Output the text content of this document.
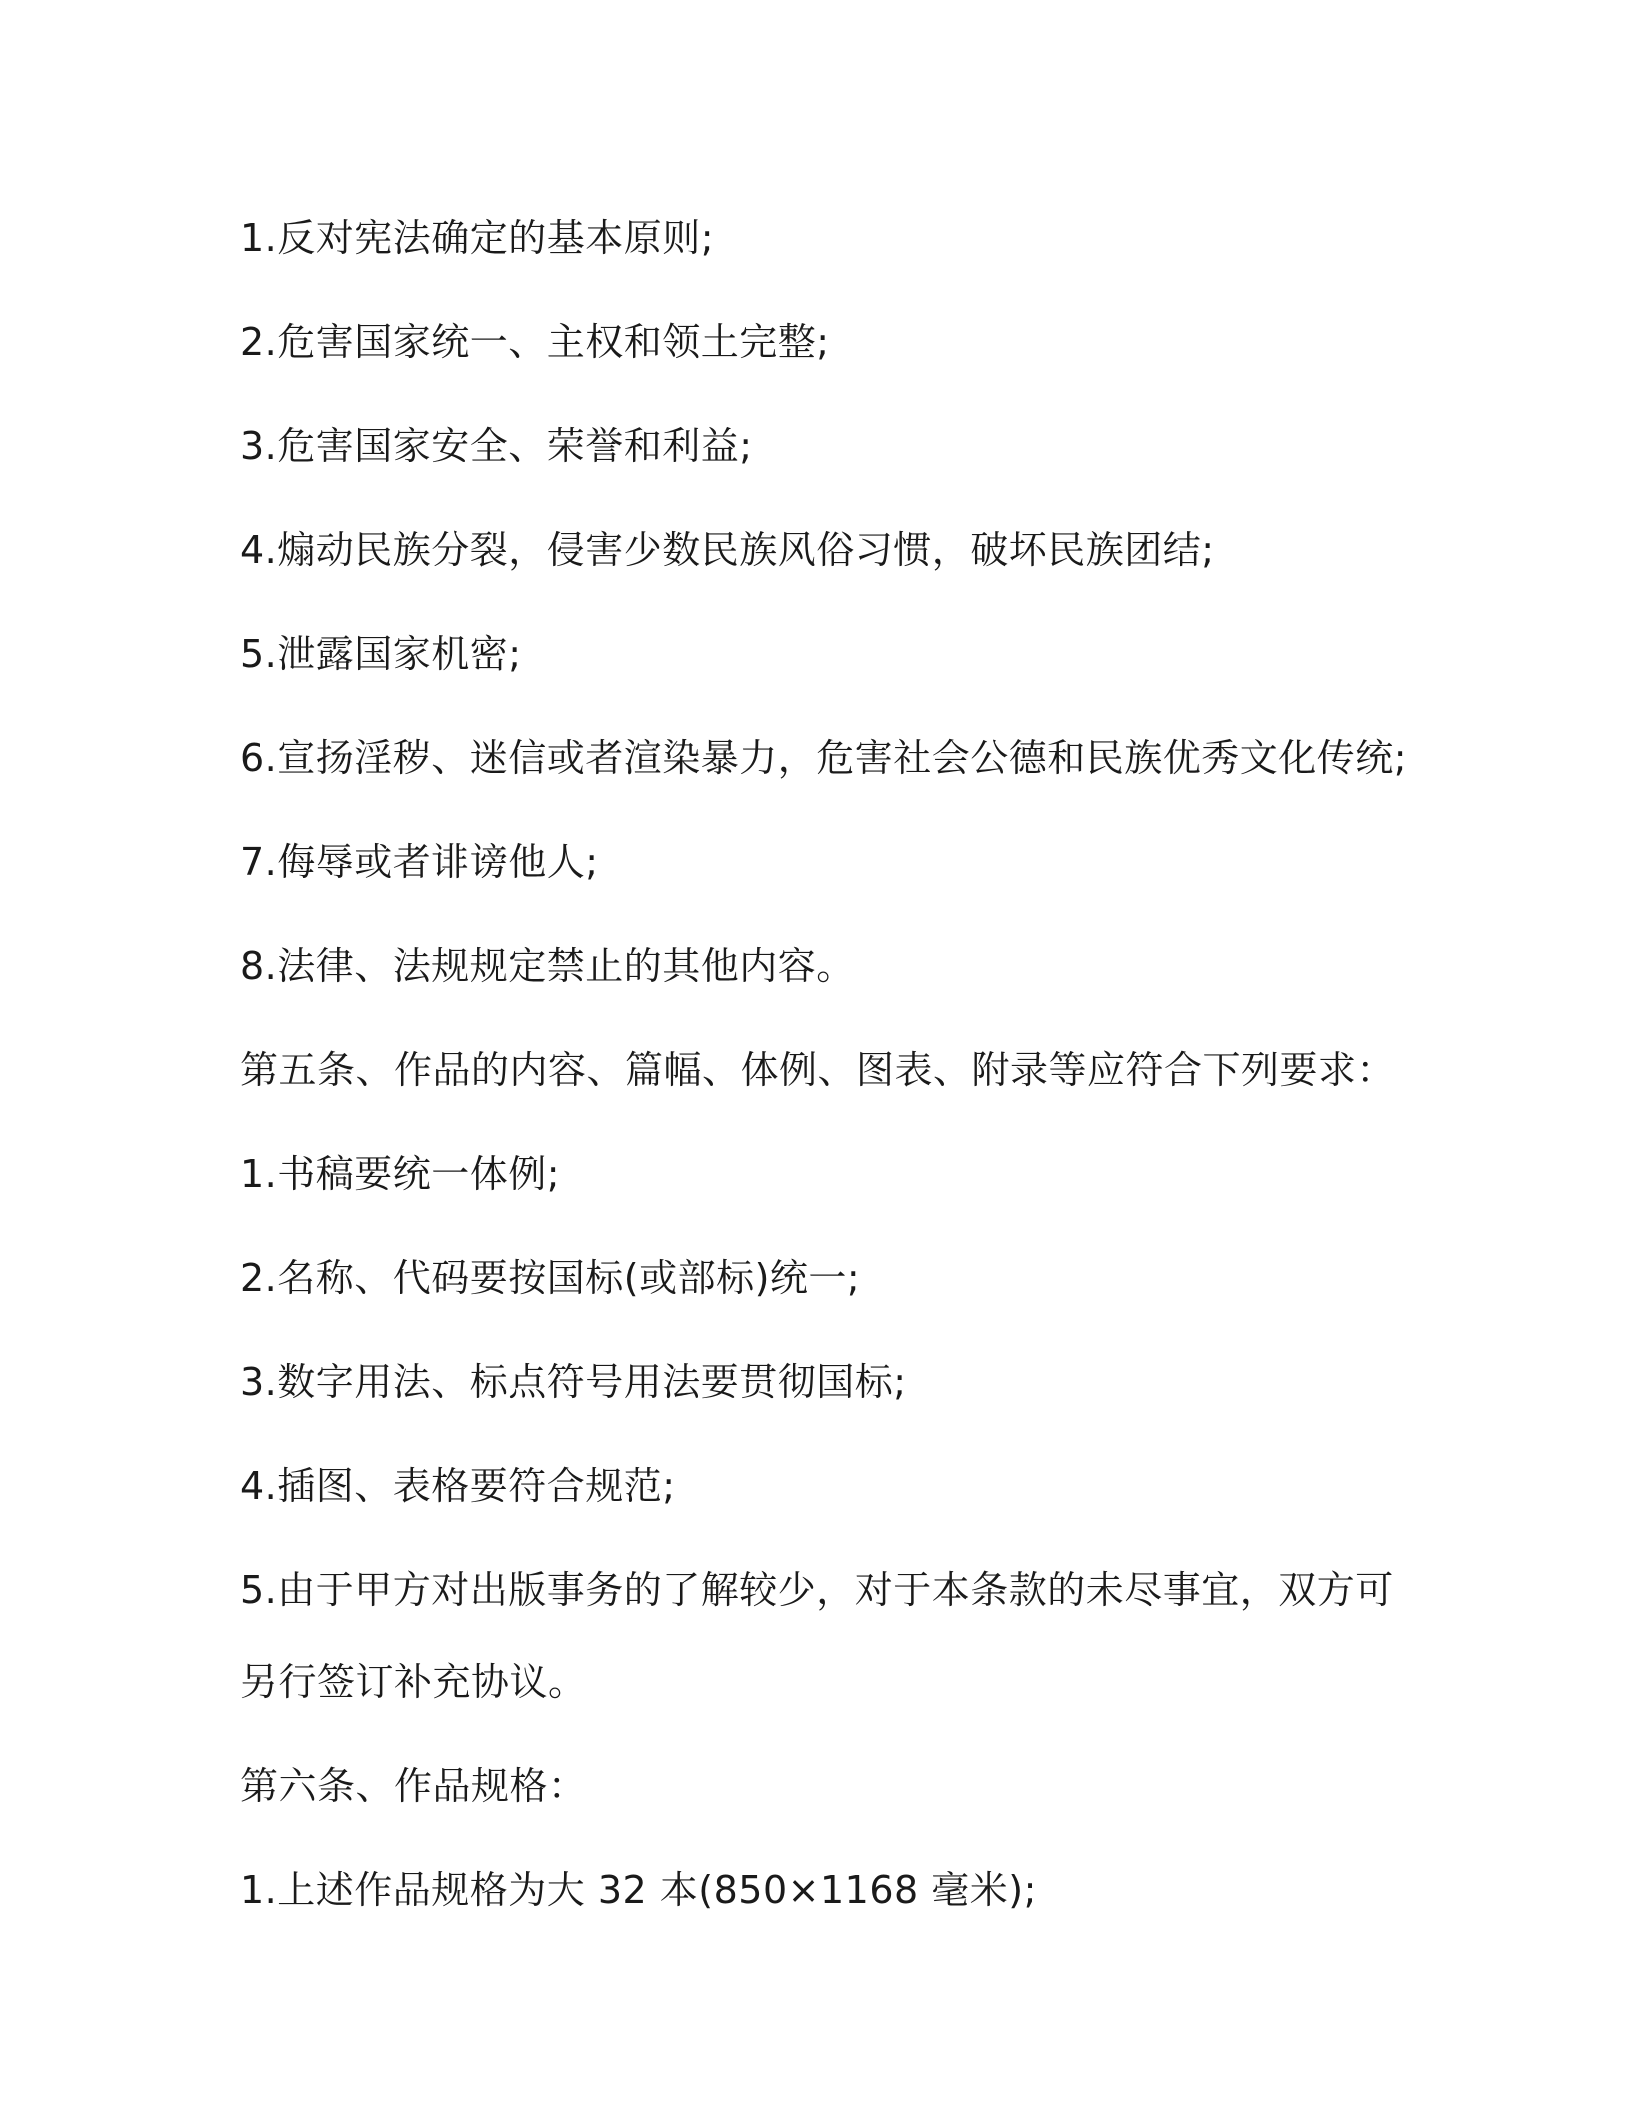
1.反对宪法确定的基本原则;

2.危害国家统一、主权和领土完整;

3.危害国家安全、荣誉和利益;

4.煽动民族分裂，侵害少数民族风俗习惯，破坏民族团结;

5.泄露国家机密;

6.宣扬淫秽、迷信或者渲染暴力，危害社会公德和民族优秀文化传统;

7.侮辱或者诽谤他人;

8.法律、法规规定禁止的其他内容。

第五条、作品的内容、篇幅、体例、图表、附录等应符合下列要求：

1.书稿要统一体例;

2.名称、代码要按国标(或部标)统一;

3.数字用法、标点符号用法要贯彻国标;

4.插图、表格要符合规范;

5.由于甲方对出版事务的了解较少，对于本条款的未尽事宜，双方可另行签订补充协议。

第六条、作品规格：

1.上述作品规格为大 32 本(850×1168 毫米);
